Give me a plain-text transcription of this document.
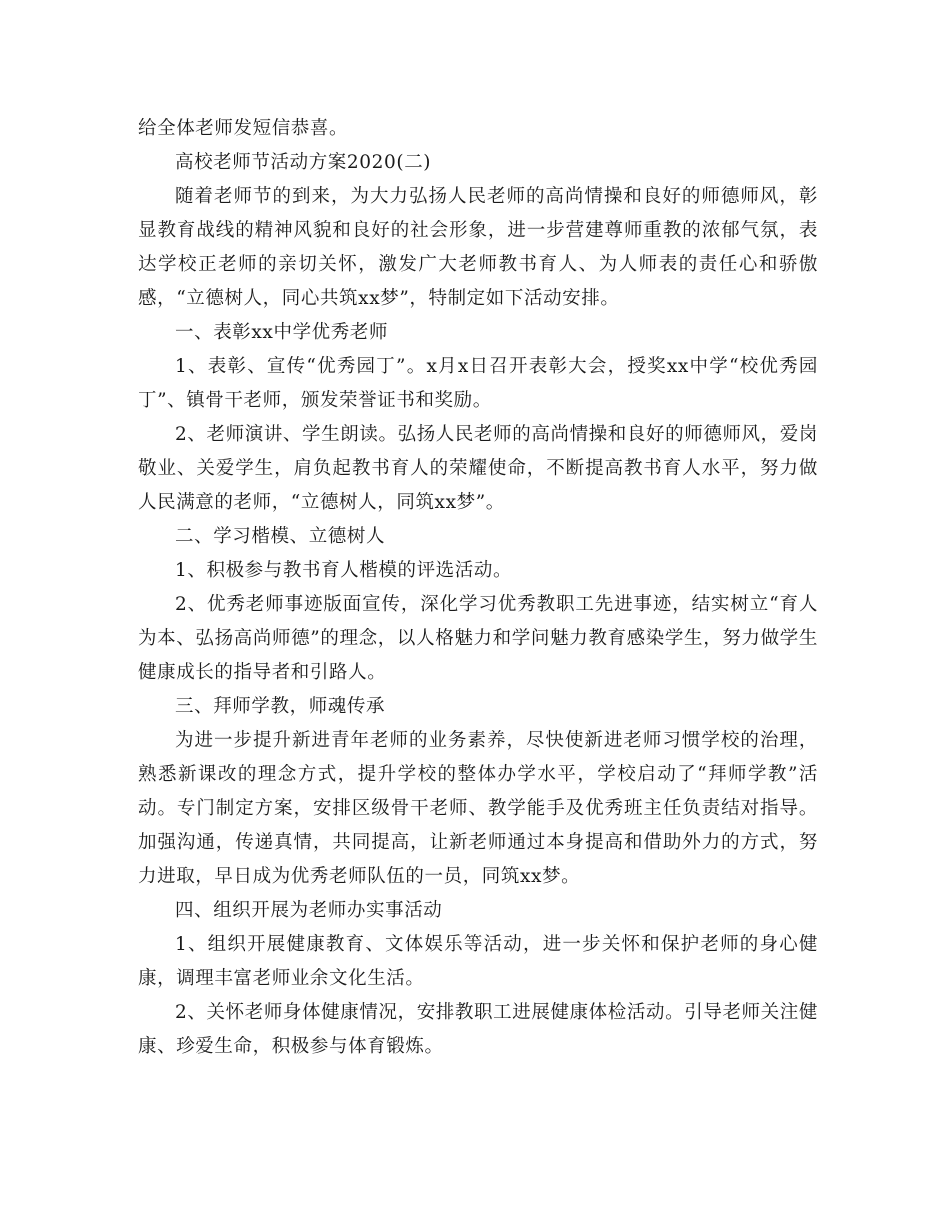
给全体老师发短信恭喜。

高校老师节活动方案2020(二)

随着老师节的到来，为大力弘扬人民老师的高尚情操和良好的师德师风，彰显教育战线的精神风貌和良好的社会形象，进一步营建尊师重教的浓郁气氛，表达学校正老师的亲切关怀，激发广大老师教书育人、为人师表的责任心和骄傲感，“立德树人，同心共筑xx梦”，特制定如下活动安排。

一、表彰xx中学优秀老师

1、表彰、宣传“优秀园丁”。x月x日召开表彰大会，授奖xx中学“校优秀园丁”、镇骨干老师，颁发荣誉证书和奖励。

2、老师演讲、学生朗读。弘扬人民老师的高尚情操和良好的师德师风，爱岗敬业、关爱学生，肩负起教书育人的荣耀使命，不断提高教书育人水平，努力做人民满意的老师，“立德树人，同筑xx梦”。

二、学习楷模、立德树人

1、积极参与教书育人楷模的评选活动。

2、优秀老师事迹版面宣传，深化学习优秀教职工先进事迹，结实树立“育人为本、弘扬高尚师德”的理念，以人格魅力和学问魅力教育感染学生，努力做学生健康成长的指导者和引路人。

三、拜师学教，师魂传承

为进一步提升新进青年老师的业务素养，尽快使新进老师习惯学校的治理，熟悉新课改的理念方式，提升学校的整体办学水平，学校启动了“拜师学教”活动。专门制定方案，安排区级骨干老师、教学能手及优秀班主任负责结对指导。加强沟通，传递真情，共同提高，让新老师通过本身提高和借助外力的方式，努力进取，早日成为优秀老师队伍的一员，同筑xx梦。

四、组织开展为老师办实事活动

1、组织开展健康教育、文体娱乐等活动，进一步关怀和保护老师的身心健康，调理丰富老师业余文化生活。

2、关怀老师身体健康情况，安排教职工进展健康体检活动。引导老师关注健康、珍爱生命，积极参与体育锻炼。
